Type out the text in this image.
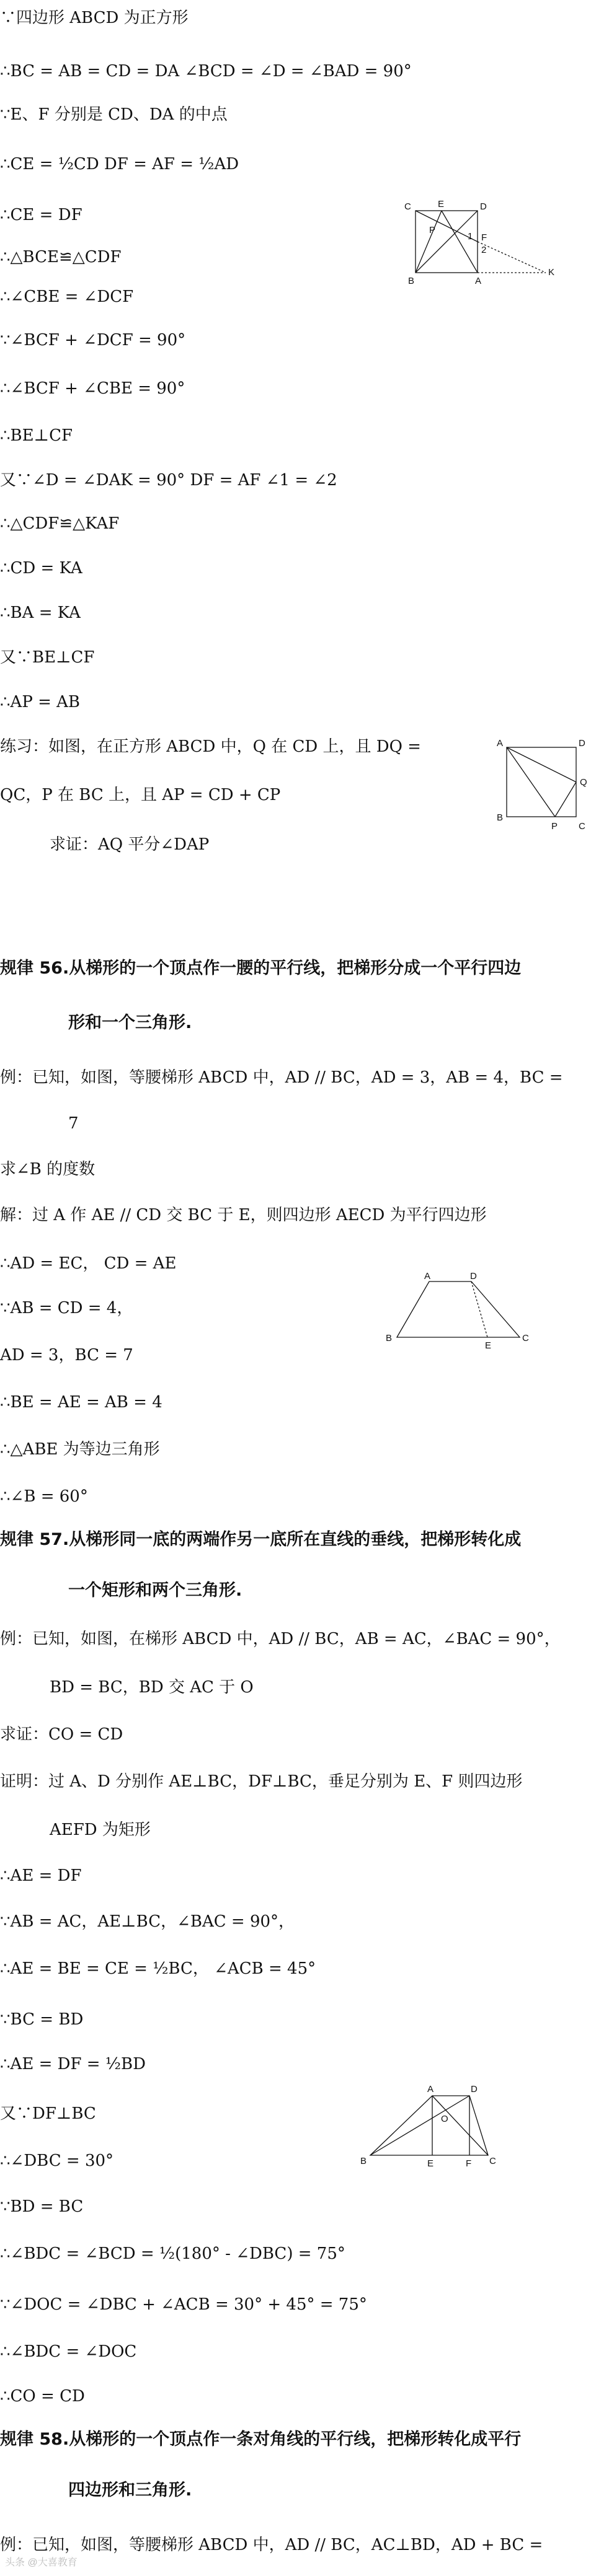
∵四边形 ABCD 为正方形
∴BC = AB = CD = DA ∠BCD = ∠D = ∠BAD = 90°
∵E、F 分别是 CD、DA 的中点
∴CE = ½CD DF = AF = ½AD
∴CE = DF
∴△BCE≌△CDF
∴∠CBE = ∠DCF
∵∠BCF + ∠DCF = 90°
∴∠BCF + ∠CBE = 90°
∴BE⊥CF
又∵∠D = ∠DAK = 90° DF = AF ∠1 = ∠2
∴△CDF≌△KAF
∴CD = KA
∴BA = KA
又∵BE⊥CF
∴AP = AB
练习：如图，在正方形 ABCD 中，Q 在 CD 上，且 DQ =
QC，P 在 BC 上，且 AP = CD + CP
求证：AQ 平分∠DAP
规律 56.从梯形的一个顶点作一腰的平行线，把梯形分成一个平行四边
形和一个三角形.
例：已知，如图，等腰梯形 ABCD 中，AD // BC，AD = 3，AB = 4，BC =
7
求∠B 的度数
解：过 A 作 AE // CD 交 BC 于 E，则四边形 AECD 为平行四边形
∴AD = EC， CD = AE
∵AB = CD = 4，
AD = 3，BC = 7
∴BE = AE = AB = 4
∴△ABE 为等边三角形
∴∠B = 60°
规律 57.从梯形同一底的两端作另一底所在直线的垂线，把梯形转化成
一个矩形和两个三角形.
例：已知，如图，在梯形 ABCD 中，AD // BC，AB = AC，∠BAC = 90°，
BD = BC，BD 交 AC 于 O
求证：CO = CD
证明：过 A、D 分别作 AE⊥BC，DF⊥BC，垂足分别为 E、F 则四边形
AEFD 为矩形
∴AE = DF
∵AB = AC，AE⊥BC，∠BAC = 90°，
∴AE = BE = CE = ½BC， ∠ACB = 45°
∵BC = BD
∴AE = DF = ½BD
又∵DF⊥BC
∴∠DBC = 30°
∵BD = BC
∴∠BDC = ∠BCD = ½(180° - ∠DBC) = 75°
∵∠DOC = ∠DBC + ∠ACB = 30° + 45° = 75°
∴∠BDC = ∠DOC
∴CO = CD
规律 58.从梯形的一个顶点作一条对角线的平行线，把梯形转化成平行
四边形和三角形.
例：已知，如图，等腰梯形 ABCD 中，AD // BC，AC⊥BD，AD + BC =
C	E	D
P
1
2
F
B	A
K
A	D
Q
B
P C
A	D
B
E
C
A	D
O
B	E	F C
头条 @大喜教育
